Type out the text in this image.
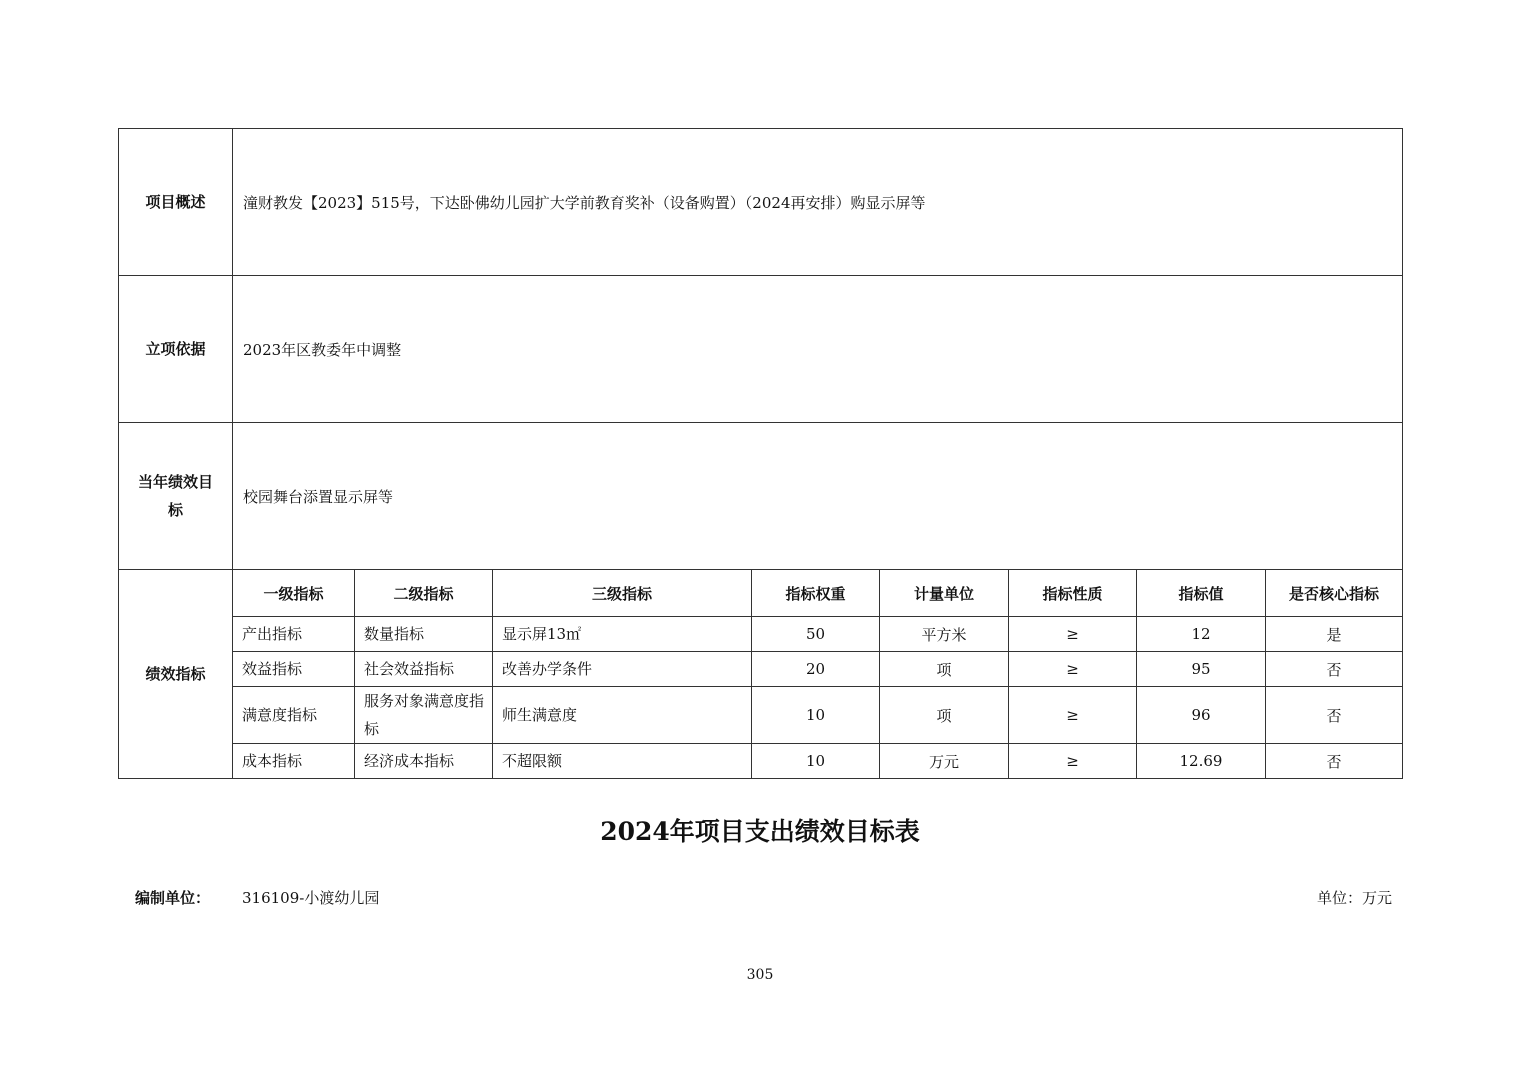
项目概述	潼财教发【2023】515号，下达卧佛幼儿园扩大学前教育奖补（设备购置）（2024再安排）购显示屏等							
立项依据	2023年区教委年中调整							
当年绩效目标	校园舞台添置显示屏等							
绩效指标	一级指标	二级指标	三级指标	指标权重	计量单位	指标性质	指标值	是否核心指标
	产出指标	数量指标	显示屏13㎡	50	平方米	≥	12	是
	效益指标	社会效益指标	改善办学条件	20	项	≥	95	否
	满意度指标	服务对象满意度指标	师生满意度	10	项	≥	96	否
	成本指标	经济成本指标	不超限额	10	万元	≥	12.69	否
2024年项目支出绩效目标表
编制单位： 316109-小渡幼儿园	单位：万元
305
